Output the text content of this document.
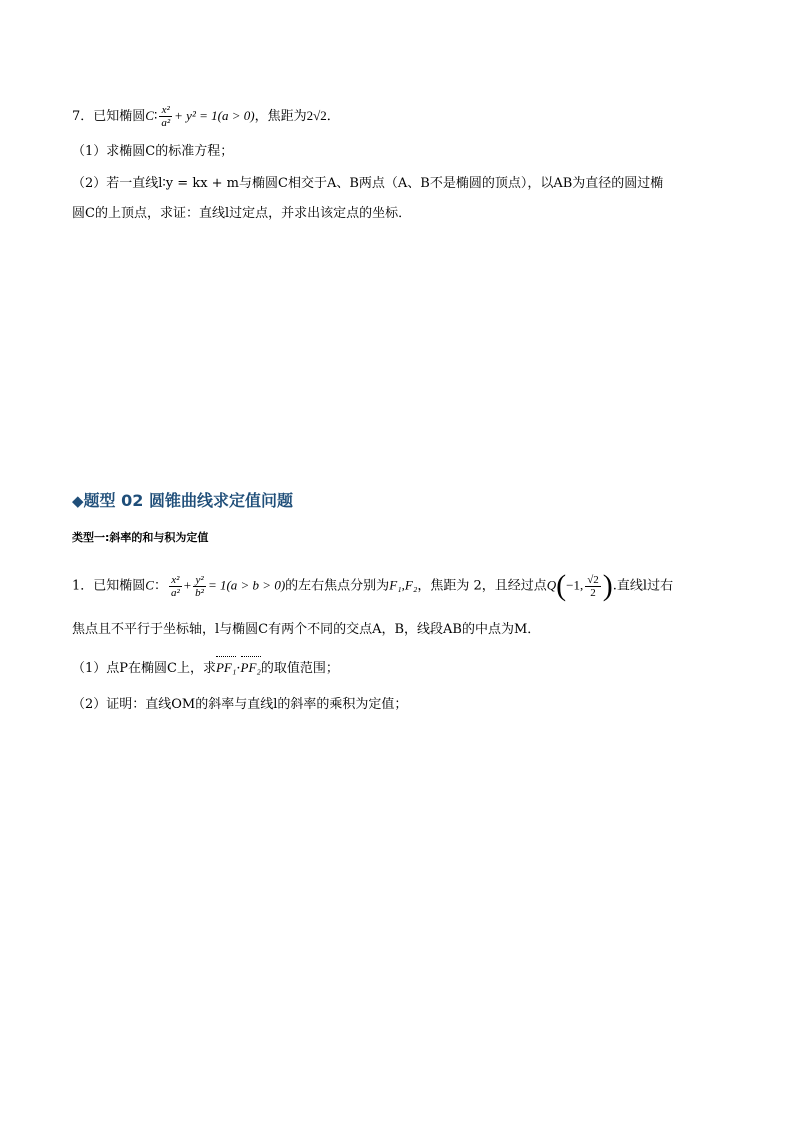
7．已知椭圆C∶ $\frac{\text{x²}}{\text{a²}} + y^2 = 1(a > 0)$，焦距为2√2．
（1）求椭圆C的标准方程；
（2）若一直线l∶y = kx + m与椭圆C相交于A、B两点（A、B不是椭圆的顶点），以AB为直径的圆过椭
圆C的上顶点，求证：直线l过定点，并求出该定点的坐标．
◆题型 02 圆锥曲线求定值问题
类型一:斜率的和与积为定值
1．已知椭圆C： $\frac{\text{x²}}{\text{a²}} + \frac{\text{y²}}{\text{b²}} = 1(a > b > 0)$的左右焦点分别为F₁,F₂，焦距为 2，且经过点Q(−1, $\frac{√2}{2}$ ).直线l过右
焦点且不平行于坐标轴，l与椭圆C有两个不同的交点A，B，线段AB的中点为M．
（1）点P在椭圆C上，求PF₁·PF₂的取值范围；
（2）证明：直线OM的斜率与直线l的斜率的乘积为定值；
